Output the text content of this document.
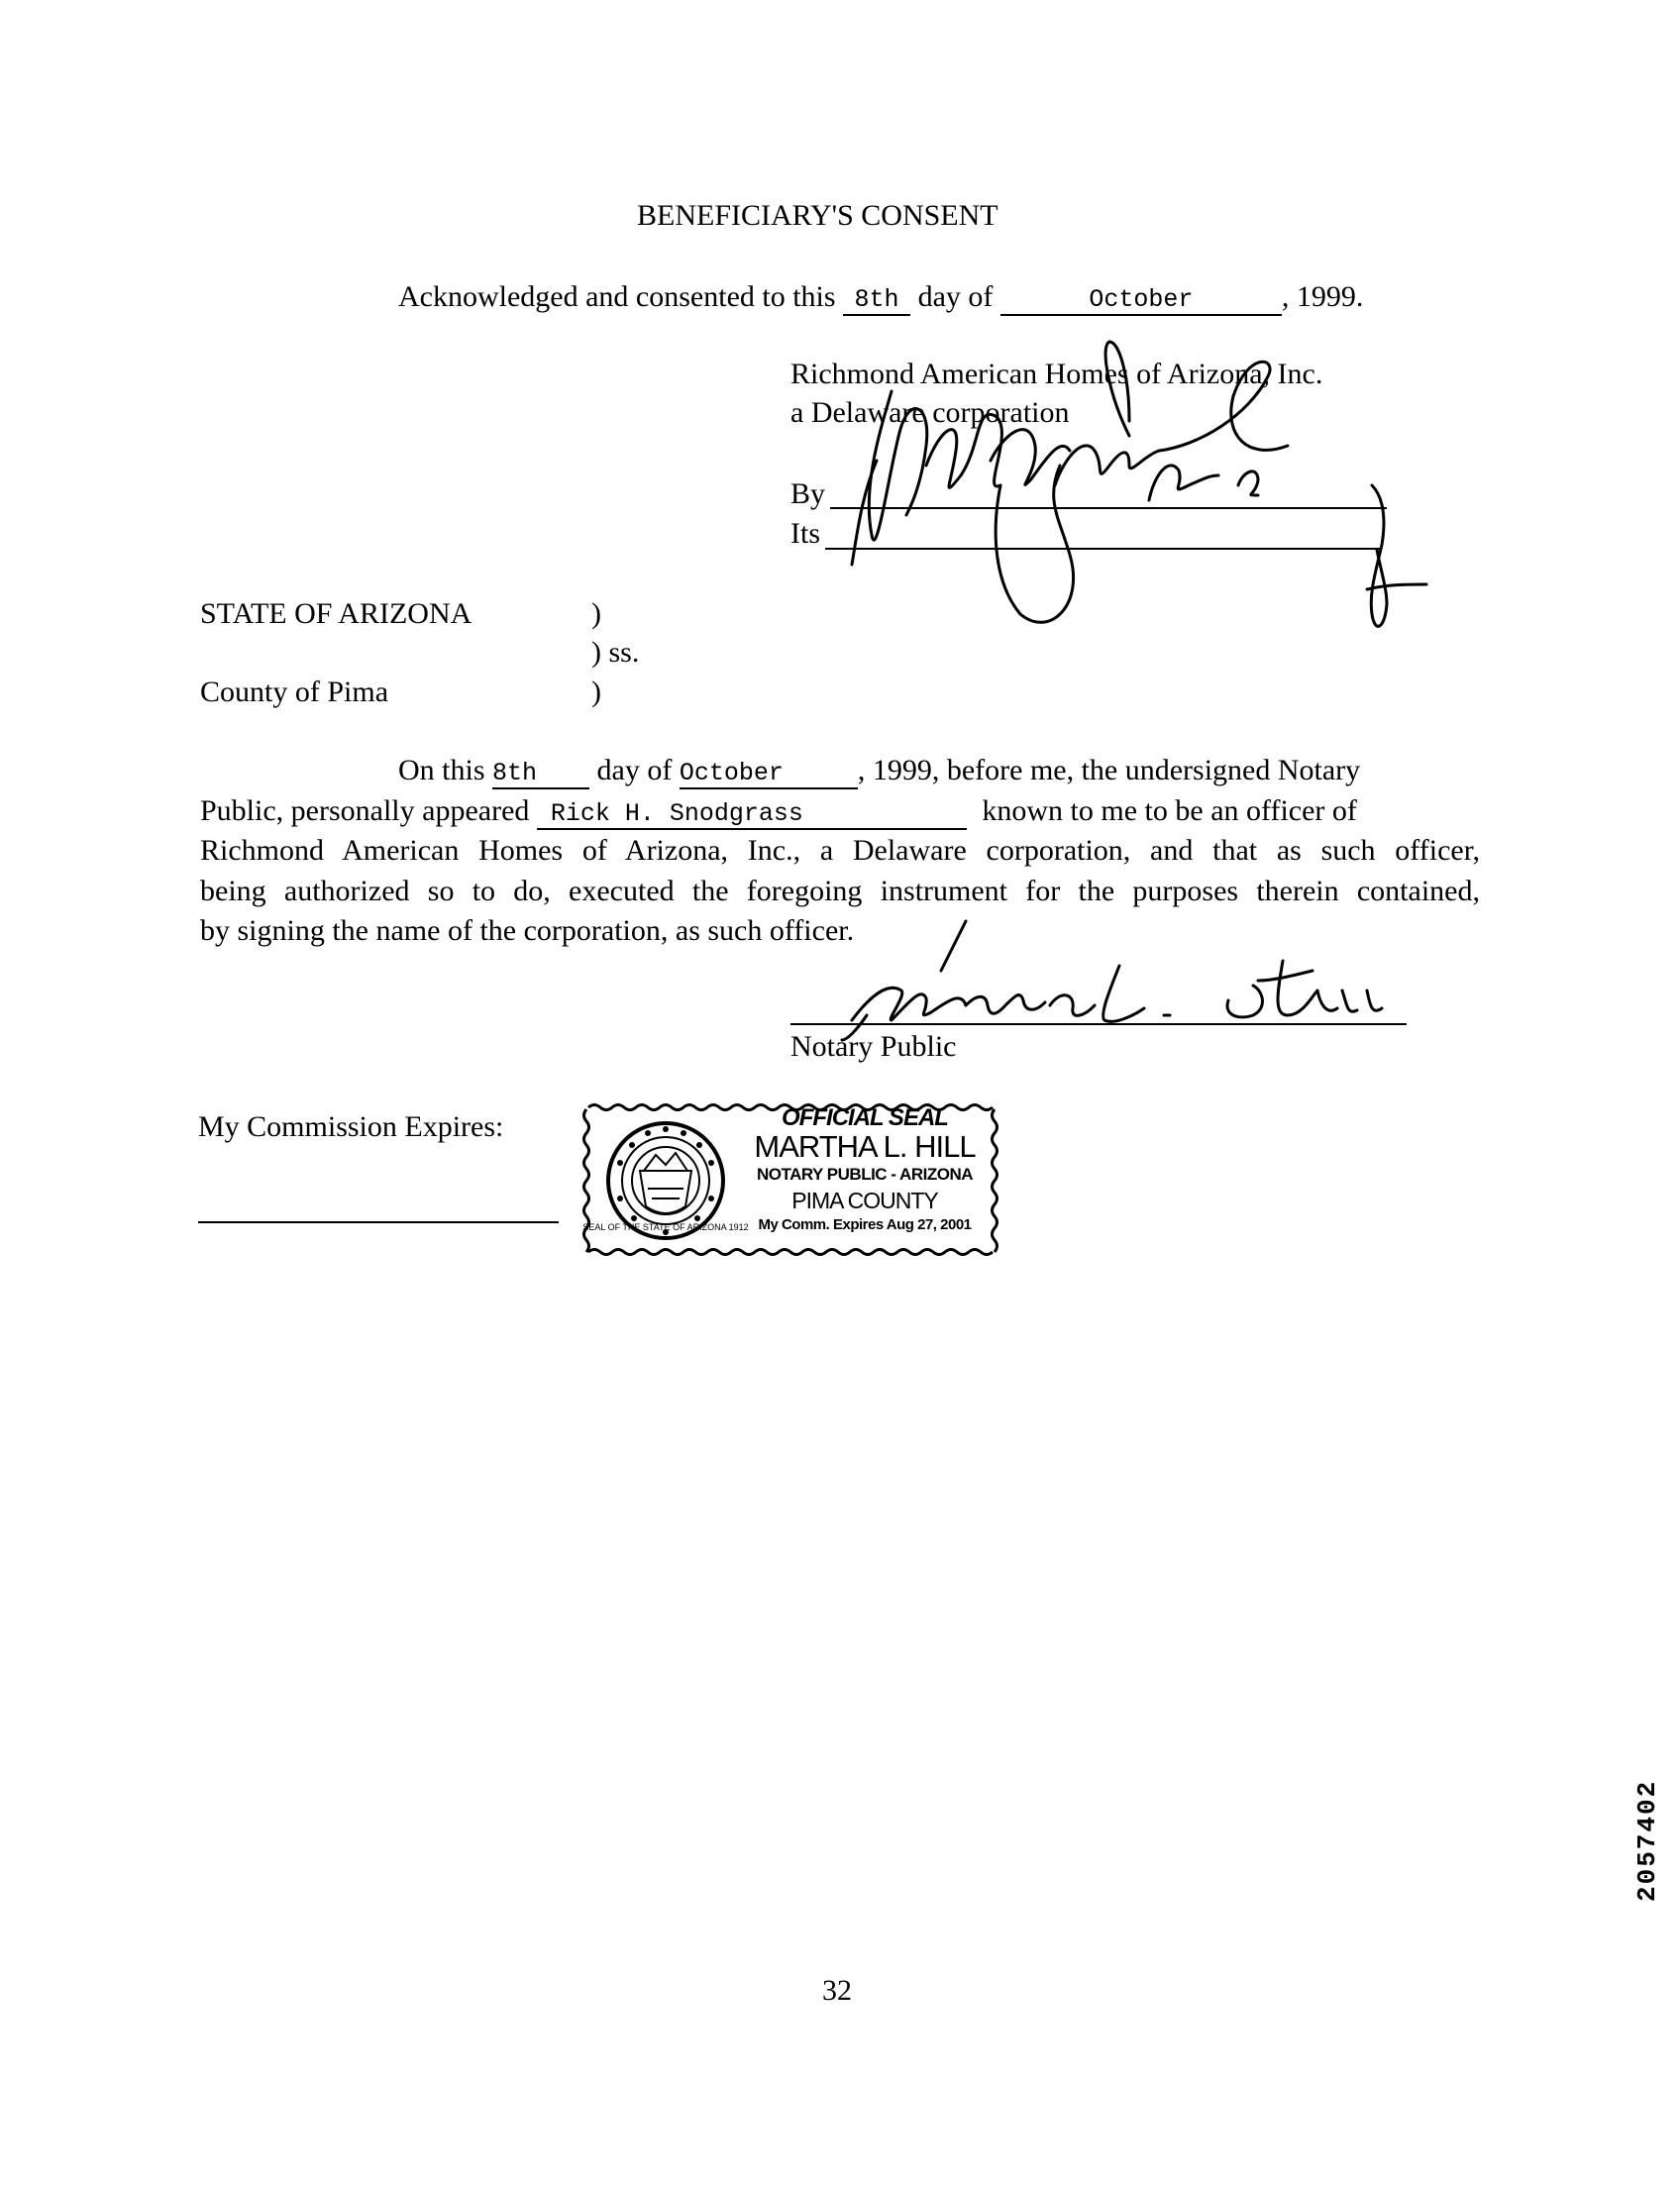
BENEFICIARY'S CONSENT
Acknowledged and consented to this 8th day of	October	, 1999.
Richmond American Homes of Arizona, Inc.
a Delaware corporation
By
Its
STATE OF ARIZONA	)
) ss.
County of Pima	)
On this 8th day of October , 1999, before me, the undersigned Notary
Public, personally appeared Rick H. Snodgrass	known to me to be an officer of
Richmond American Homes of Arizona, Inc., a Delaware corporation, and that as such officer,
being authorized so to do, executed the foregoing instrument for the purposes therein contained,
by signing the name of the corporation, as such officer.
Notary Public
My Commission Expires:
SEAL OF THE STATE OF ARIZONA 1912
OFFICIAL SEAL
MARTHA L. HILL
NOTARY PUBLIC - ARIZONA
PIMA COUNTY
My Comm. Expires Aug 27, 2001
32
2057402
